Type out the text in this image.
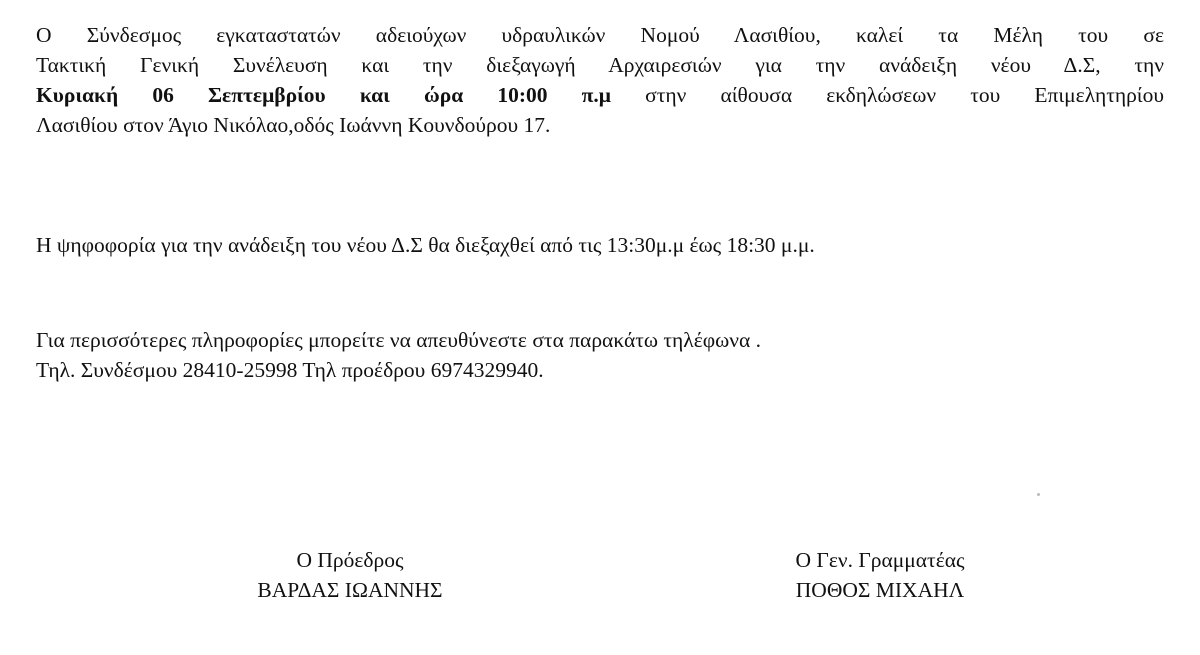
Ο Σύνδεσμος εγκαταστατών αδειούχων υδραυλικών Νομού Λασιθίου, καλεί τα Μέλη του σε
Τακτική Γενική Συνέλευση και την διεξαγωγή Αρχαιρεσιών για την ανάδειξη νέου Δ.Σ, την
Κυριακή 06 Σεπτεμβρίου και ώρα 10:00 π.μ στην αίθουσα εκδηλώσεων του Επιμελητηρίου
Λασιθίου στον Άγιο Νικόλαο,οδός Ιωάννη Κουνδούρου 17.
Η ψηφοφορία για την ανάδειξη του νέου Δ.Σ θα διεξαχθεί από τις 13:30μ.μ έως 18:30 μ.μ.
Για περισσότερες πληροφορίες μπορείτε να απευθύνεστε στα παρακάτω τηλέφωνα .
Τηλ. Συνδέσμου 28410-25998 Τηλ προέδρου 6974329940.
Ο Πρόεδρος
ΒΑΡΔΑΣ ΙΩΑΝΝΗΣ
Ο Γεν. Γραμματέας
ΠΟΘΟΣ ΜΙΧΑΗΛ
